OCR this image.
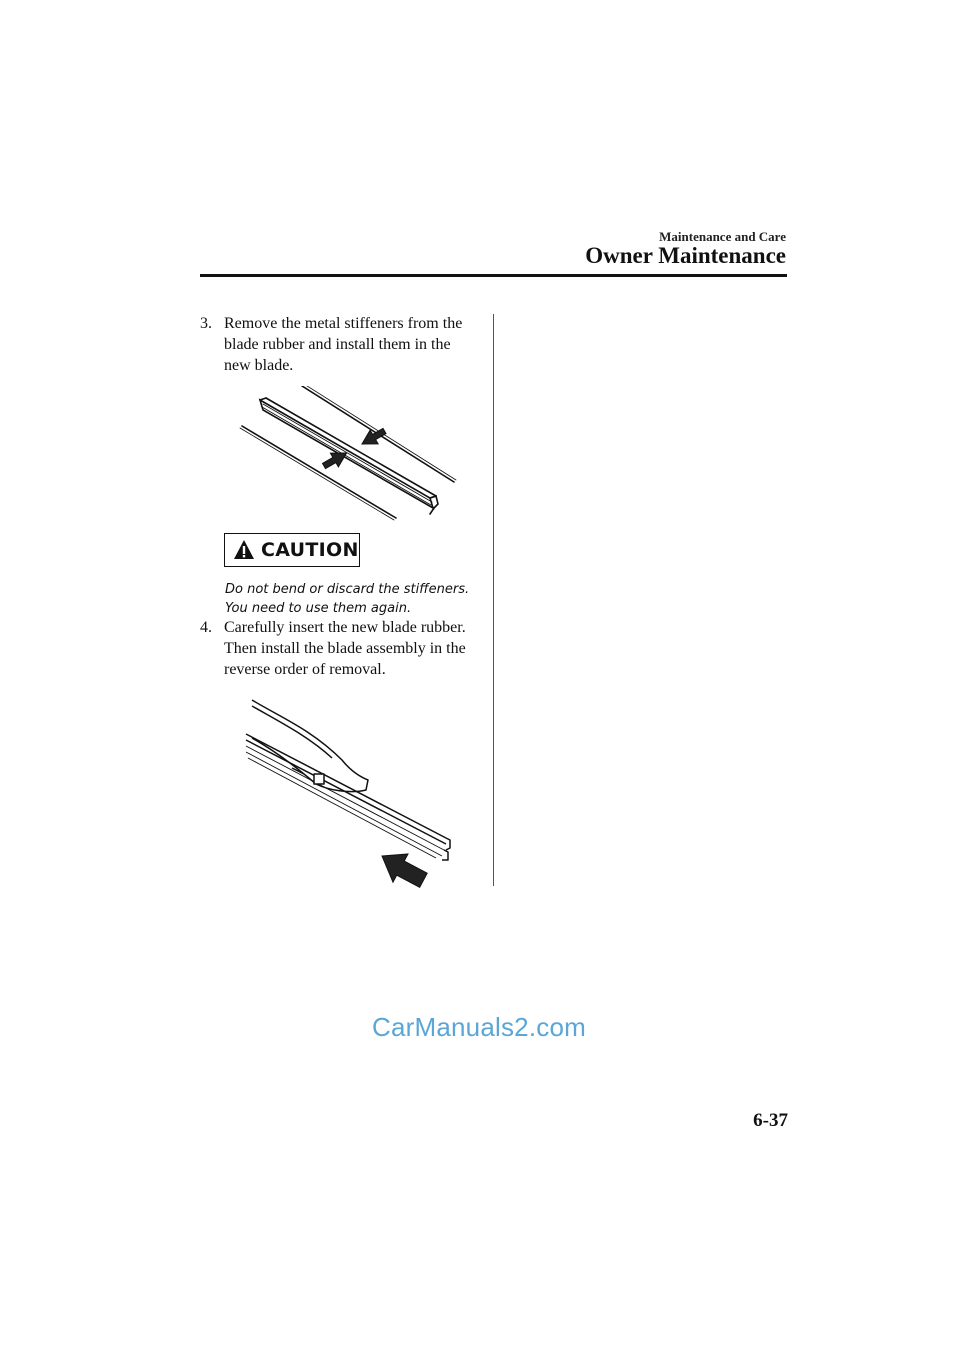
Maintenance and Care
Owner Maintenance
3. Remove the metal stiffeners from the blade rubber and install them in the new blade.
CAUTION
Do not bend or discard the stiffeners.
You need to use them again.
4. Carefully insert the new blade rubber. Then install the blade assembly in the reverse order of removal.
CarManuals2.com
6-37
